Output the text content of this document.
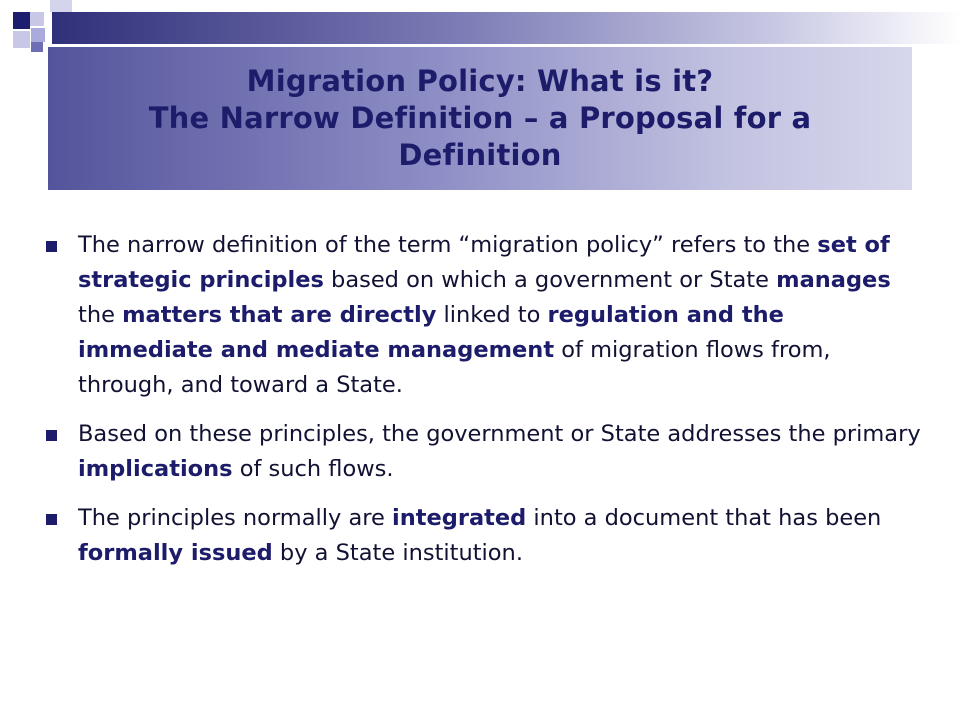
Migration Policy: What is it?
The Narrow Definition – a Proposal for a
Definition
The narrow definition of the term “migration policy” refers to the set of strategic principles based on which a government or State manages the matters that are directly linked to regulation and the immediate and mediate management of migration flows from, through, and toward a State.
Based on these principles, the government or State addresses the primary implications of such flows.
The principles normally are integrated into a document that has been formally issued by a State institution.
